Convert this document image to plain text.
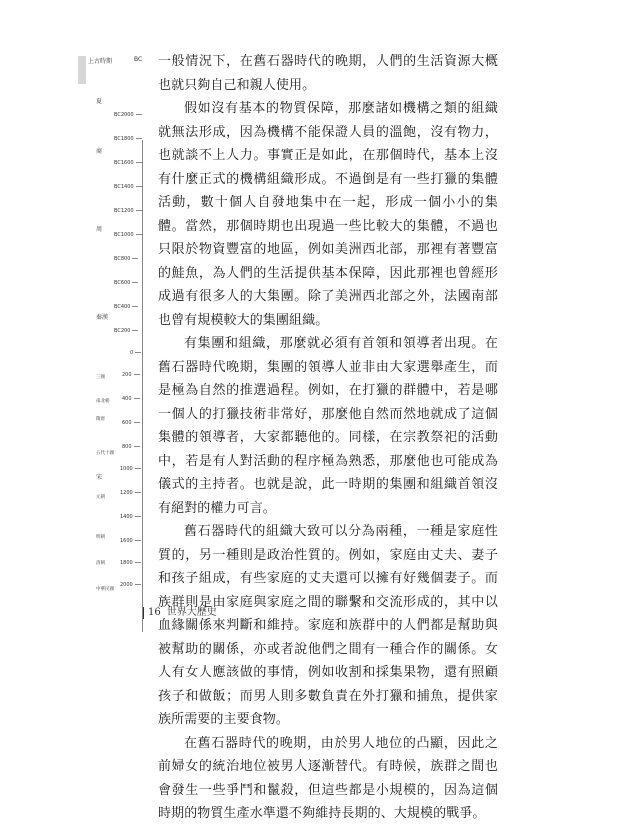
上古時期	BC
BC2000
BC1800
BC1600
BC1400
BC1200
BC1000
BC800
BC600
BC400
BC200
0
200
400
600
800
1000
1200
1400
1600
1800
2000
夏
商
周
秦漢
三國
南北朝
隋唐
五代十國
宋
元朝
明朝
清朝
中華民國

一般情況下，在舊石器時代的晚期，人們的生活資源大概也就只夠自己和親人使用。

假如沒有基本的物質保障，那麼諸如機構之類的組織就無法形成，因為機構不能保證人員的溫飽，沒有物力，也就談不上人力。事實正是如此，在那個時代，基本上沒有什麼正式的機構組織形成。不過倒是有一些打獵的集體活動，數十個人自發地集中在一起，形成一個小小的集體。當然，那個時期也出現過一些比較大的集體，不過也只限於物資豐富的地區，例如美洲西北部，那裡有著豐富的鮭魚，為人們的生活提供基本保障，因此那裡也曾經形成過有很多人的大集團。除了美洲西北部之外，法國南部也曾有規模較大的集團組織。

有集團和組織，那麼就必須有首領和領導者出現。在舊石器時代晚期，集團的領導人並非由大家選舉產生，而是極為自然的推選過程。例如，在打獵的群體中，若是哪一個人的打獵技術非常好，那麼他自然而然地就成了這個集體的領導者，大家都聽他的。同樣，在宗教祭祀的活動中，若是有人對活動的程序極為熟悉，那麼他也可能成為儀式的主持者。也就是說，此一時期的集團和組織首領沒有絕對的權力可言。

舊石器時代的組織大致可以分為兩種，一種是家庭性質的，另一種則是政治性質的。例如，家庭由丈夫、妻子和孩子組成，有些家庭的丈夫還可以擁有好幾個妻子。而族群則是由家庭與家庭之間的聯繫和交流形成的，其中以血緣關係來判斷和維持。家庭和族群中的人們都是幫助與被幫助的關係，亦或者說他們之間有一種合作的關係。女人有女人應該做的事情，例如收割和採集果物，還有照顧孩子和做飯；而男人則多數負責在外打獵和捕魚，提供家族所需要的主要食物。

在舊石器時代的晚期，由於男人地位的凸顯，因此之前婦女的統治地位被男人逐漸替代。有時候，族群之間也會發生一些爭鬥和鬣殺，但這些都是小規模的，因為這個時期的物質生產水準還不夠維持長期的、大規模的戰爭。

16 世界大歷史
